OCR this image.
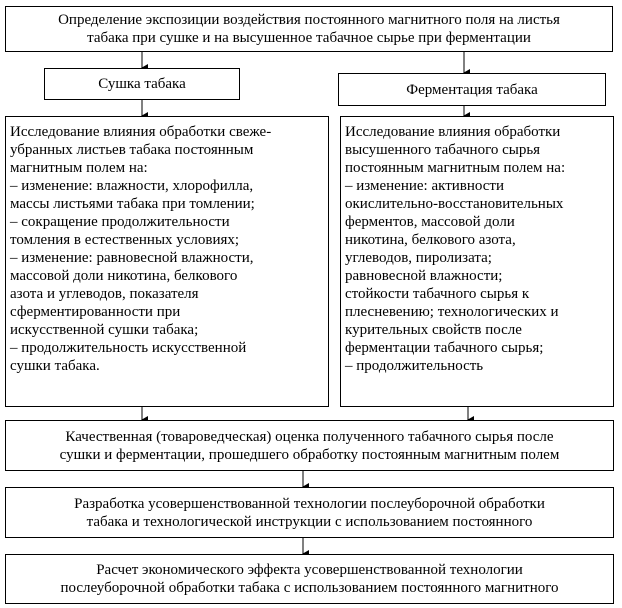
Определение экспозиции воздействия постоянного магнитного поля на листья
табака при сушке и на высушенное табачное сырье при ферментации
Сушка табака	Ферментация табака
Исследование влияния обработки свеже-
убранных листьев табака постоянным
магнитным полем на:
– изменение: влажности, хлорофилла,
массы листьями табака при томлении;
– сокращение продолжительности
томления в естественных условиях;
– изменение: равновесной влажности,
массовой доли никотина, белкового
азота и углеводов, показателя
сферментированности при
искусственной сушки табака;
– продолжительность искусственной
сушки табака.
Исследование влияния обработки
высушенного табачного сырья
постоянным магнитным полем на:
– изменение: активности
окислительно-восстановительных
ферментов, массовой доли
никотина, белкового азота,
углеводов, пиролизата;
равновесной влажности;
стойкости табачного сырья к
плесневению; технологических и
курительных свойств после
ферментации табачного сырья;
– продолжительность
Качественная (товароведческая) оценка полученного табачного сырья после
сушки и ферментации, прошедшего обработку постоянным магнитным полем
Разработка усовершенствованной технологии послеуборочной обработки
табака и технологической инструкции с использованием постоянного
Расчет экономического эффекта усовершенствованной технологии
послеуборочной обработки табака с использованием постоянного магнитного
